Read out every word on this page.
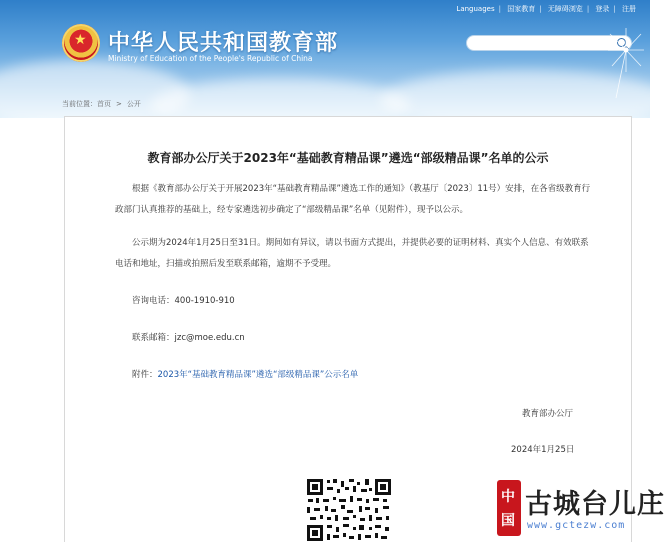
Languages | 国家教育 | 无障碍浏览 | 登录 | 注册
★ 中华人民共和国教育部
Ministry of Education of the People's Republic of China
当前位置：首页 > 公开
教育部办公厅关于2023年“基础教育精品课”遴选“部级精品课”名单的公示

根据《教育部办公厅关于开展2023年“基础教育精品课”遴选工作的通知》（教基厅〔2023〕11号）安排，在各省级教育行政部门认真推荐的基础上，经专家遴选初步确定了“部级精品课”名单（见附件），现予以公示。

公示期为2024年1月25日至31日。期间如有异议，请以书面方式提出，并提供必要的证明材料、真实个人信息、有效联系电话和地址，扫描或拍照后发至联系邮箱，逾期不予受理。

咨询电话：400-1910-910

联系邮箱：jzc@moe.edu.cn

附件：2023年“基础教育精品课”遴选“部级精品课”公示名单

教育部办公厅
2024年1月25日
中
国
古城台儿庄
www.gctezw.com
